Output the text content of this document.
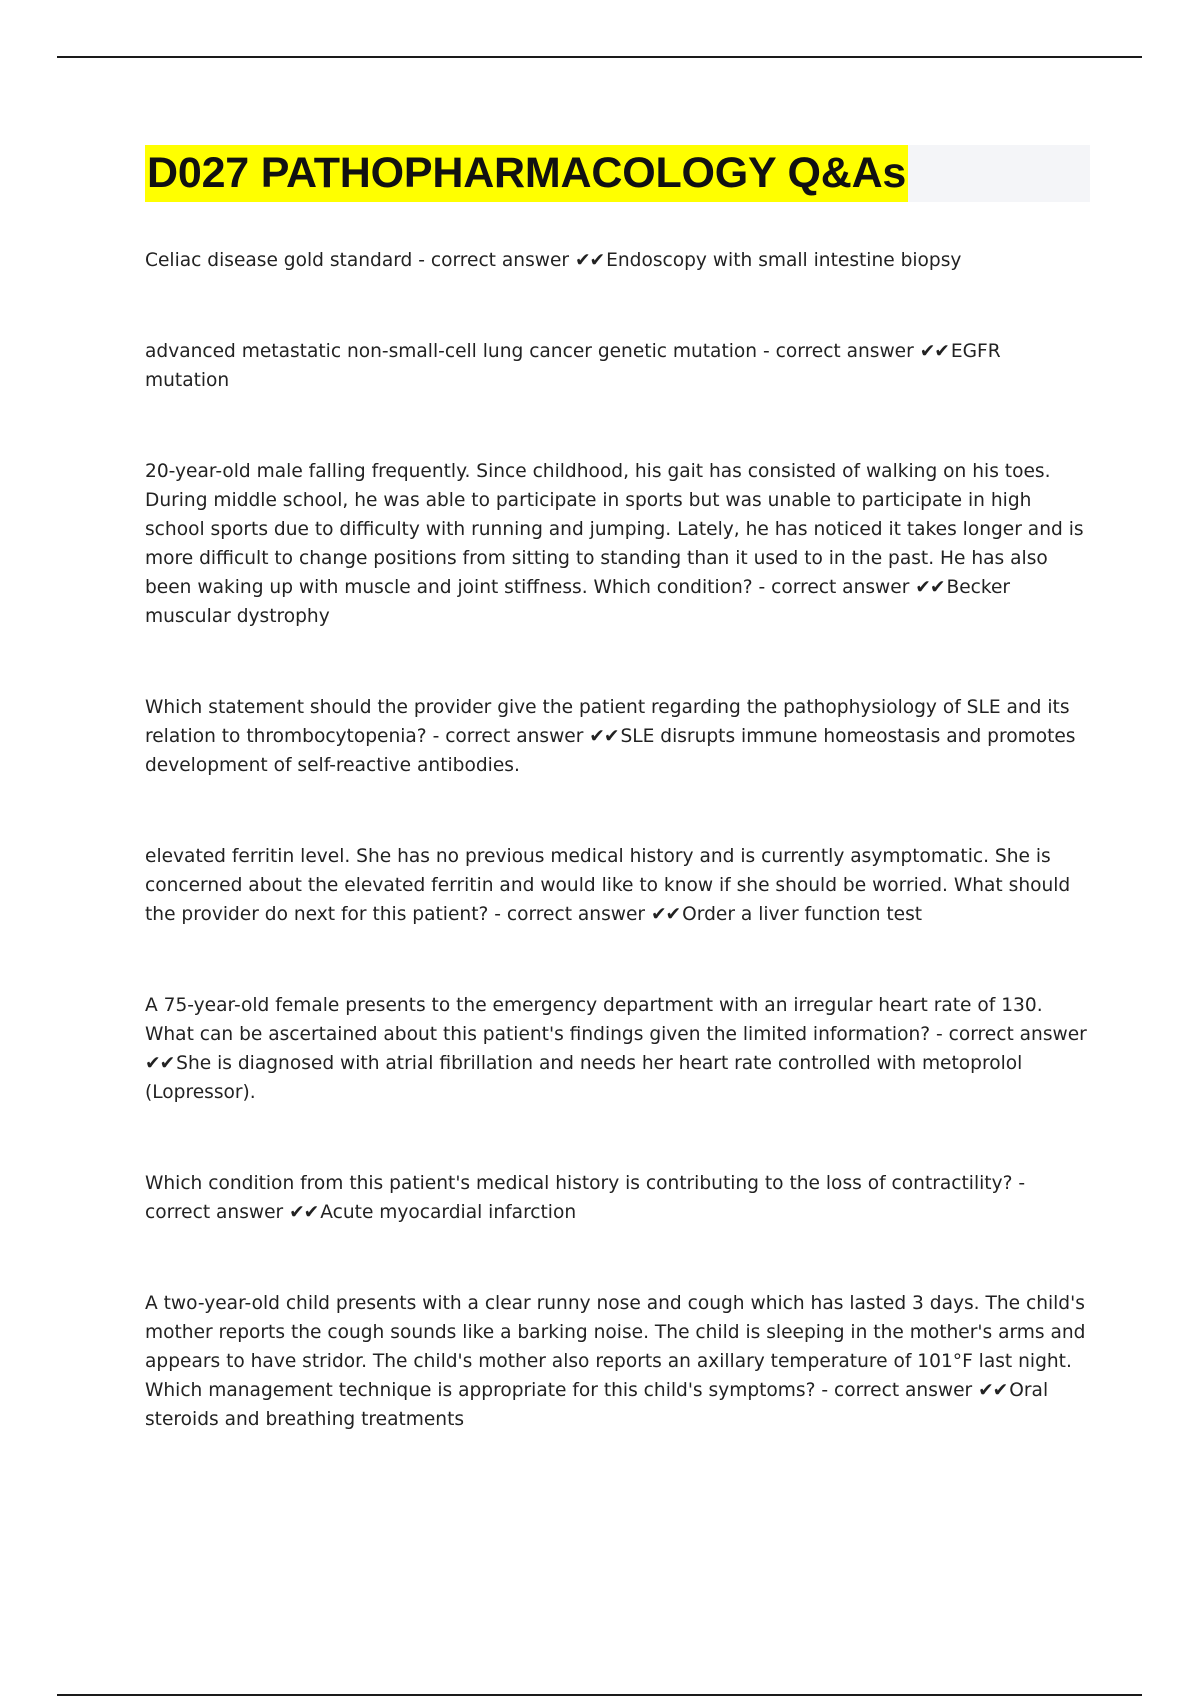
D027 PATHOPHARMACOLOGY Q&As

Celiac disease gold standard - correct answer ✔✔ Endoscopy with small intestine biopsy

advanced metastatic non-small-cell lung cancer genetic mutation - correct answer ✔✔ EGFR mutation

20-year-old male falling frequently. Since childhood, his gait has consisted of walking on his toes. During middle school, he was able to participate in sports but was unable to participate in high school sports due to difficulty with running and jumping. Lately, he has noticed it takes longer and is more difficult to change positions from sitting to standing than it used to in the past. He has also been waking up with muscle and joint stiffness. Which condition? - correct answer ✔✔ Becker muscular dystrophy

Which statement should the provider give the patient regarding the pathophysiology of SLE and its relation to thrombocytopenia? - correct answer ✔✔ SLE disrupts immune homeostasis and promotes development of self-reactive antibodies.

elevated ferritin level. She has no previous medical history and is currently asymptomatic. She is concerned about the elevated ferritin and would like to know if she should be worried. What should the provider do next for this patient? - correct answer ✔✔ Order a liver function test

A 75-year-old female presents to the emergency department with an irregular heart rate of 130. What can be ascertained about this patient's findings given the limited information? - correct answer ✔✔ She is diagnosed with atrial fibrillation and needs her heart rate controlled with metoprolol (Lopressor).

Which condition from this patient's medical history is contributing to the loss of contractility? - correct answer ✔✔ Acute myocardial infarction

A two-year-old child presents with a clear runny nose and cough which has lasted 3 days. The child's mother reports the cough sounds like a barking noise. The child is sleeping in the mother's arms and appears to have stridor. The child's mother also reports an axillary temperature of 101°F last night. Which management technique is appropriate for this child's symptoms? - correct answer ✔✔ Oral steroids and breathing treatments
